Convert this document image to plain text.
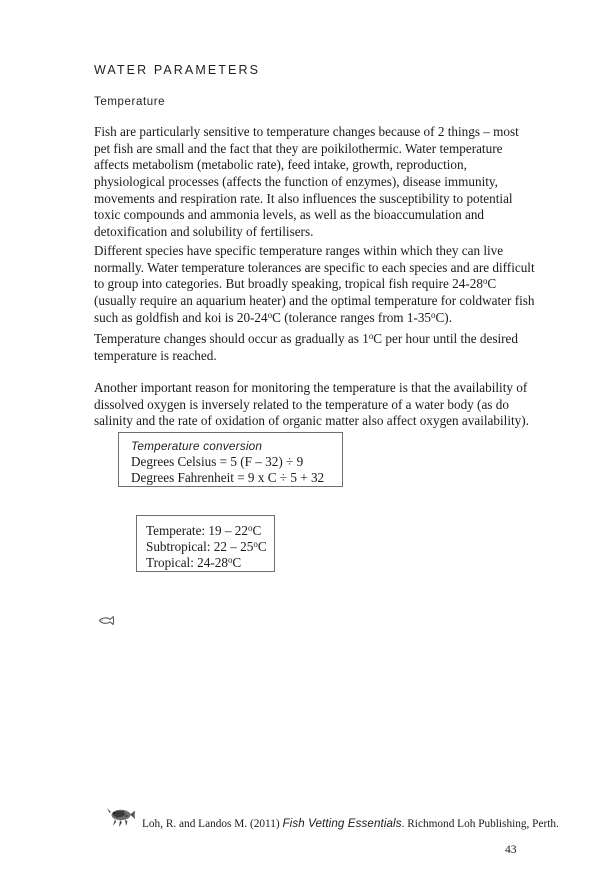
WATER PARAMETERS
Temperature

Fish are particularly sensitive to temperature changes because of 2 things – most pet fish are small and the fact that they are poikilothermic. Water temperature affects metabolism (metabolic rate), feed intake, growth, reproduction, physiological processes (affects the function of enzymes), disease immunity, movements and respiration rate. It also influences the susceptibility to potential toxic compounds and ammonia levels, as well as the bioaccumulation and detoxification and solubility of fertilisers.

Different species have specific temperature ranges within which they can live normally. Water temperature tolerances are specific to each species and are difficult to group into categories. But broadly speaking, tropical fish require 24-28$^o$C (usually require an aquarium heater) and the optimal temperature for coldwater fish such as goldfish and koi is 20-24$^o$C (tolerance ranges from 1-35$^o$C).

Temperature changes should occur as gradually as 1$^o$C per hour until the desired temperature is reached.

Another important reason for monitoring the temperature is that the availability of dissolved oxygen is inversely related to the temperature of a water body (as do salinity and the rate of oxidation of organic matter also affect oxygen availability).

Temperature conversion
Degrees Celsius = 5 (F – 32) ÷ 9
Degrees Fahrenheit = 9 x C ÷ 5 + 32
Temperate: 19 – 22$^o$C
Subtropical: 22 – 25$^o$C
Tropical: 24-28$^o$C
Loh, R. and Landos M. (2011) Fish Vetting Essentials. Richmond Loh Publishing, Perth.
43
